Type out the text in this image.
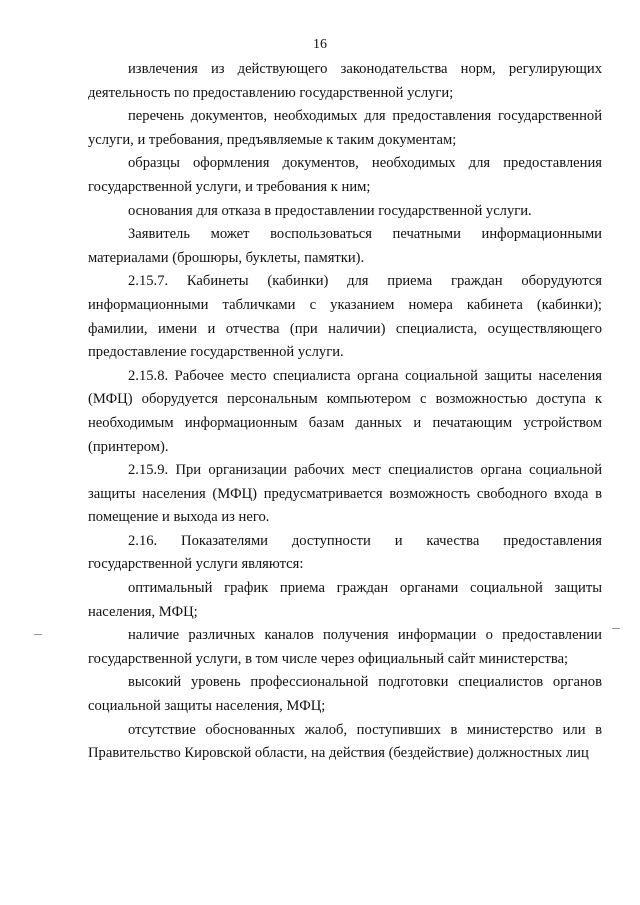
16

извлечения из действующего законодательства норм, регулирующих деятельность по предоставлению государственной услуги;

перечень документов, необходимых для предоставления государственной услуги, и требования, предъявляемые к таким документам;

образцы оформления документов, необходимых для предоставления государственной услуги, и требования к ним;

основания для отказа в предоставлении государственной услуги.

Заявитель может воспользоваться печатными информационными материалами (брошюры, буклеты, памятки).

2.15.7. Кабинеты (кабинки) для приема граждан оборудуются информационными табличками с указанием номера кабинета (кабинки); фамилии, имени и отчества (при наличии) специалиста, осуществляющего предоставление государственной услуги.

2.15.8. Рабочее место специалиста органа социальной защиты населения (МФЦ) оборудуется персональным компьютером с возможностью доступа к необходимым информационным базам данных и печатающим устройством (принтером).

2.15.9. При организации рабочих мест специалистов органа социальной защиты населения (МФЦ) предусматривается возможность свободного входа в помещение и выхода из него.

2.16. Показателями доступности и качества предоставления государственной услуги являются:

оптимальный график приема граждан органами социальной защиты населения, МФЦ;

наличие различных каналов получения информации о предоставлении государственной услуги, в том числе через официальный сайт министерства;

высокий уровень профессиональной подготовки специалистов органов социальной защиты населения, МФЦ;

отсутствие обоснованных жалоб, поступивших в министерство или в Правительство Кировской области, на действия (бездействие) должностных лиц
